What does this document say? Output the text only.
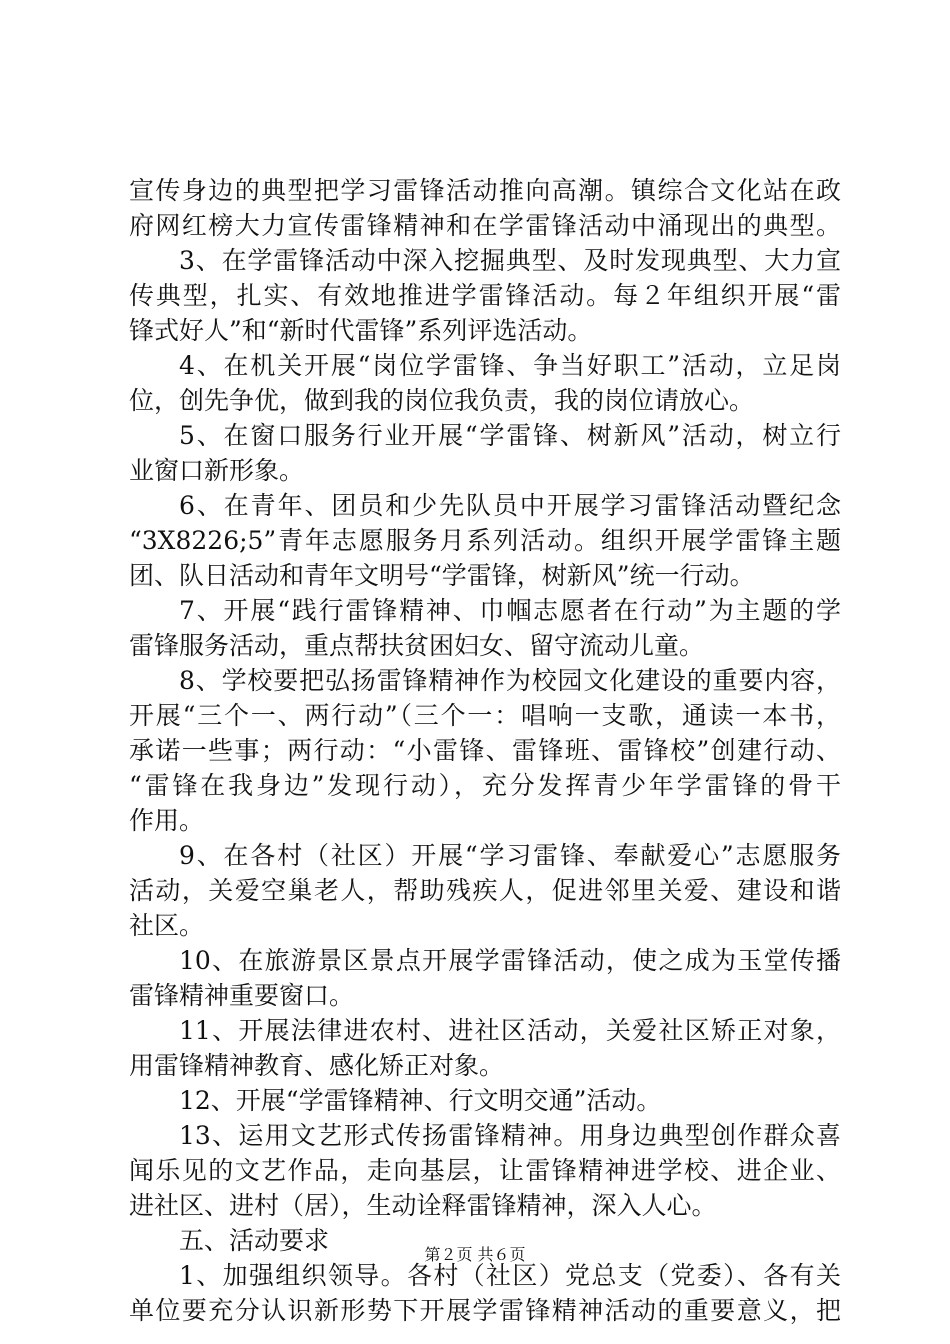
宣传身边的典型把学习雷锋活动推向高潮。镇综合文化站在政
府网红榜大力宣传雷锋精神和在学雷锋活动中涌现出的典型。
3、在学雷锋活动中深入挖掘典型、及时发现典型、大力宣
传典型，扎实、有效地推进学雷锋活动。每２年组织开展“雷
锋式好人”和“新时代雷锋”系列评选活动。
4、在机关开展“岗位学雷锋、争当好职工”活动，立足岗
位，创先争优，做到我的岗位我负责，我的岗位请放心。
5、在窗口服务行业开展“学雷锋、树新风”活动，树立行
业窗口新形象。
6、在青年、团员和少先队员中开展学习雷锋活动暨纪念
“3X8226;5”青年志愿服务月系列活动。组织开展学雷锋主题
团、队日活动和青年文明号“学雷锋，树新风”统一行动。
7、开展“践行雷锋精神、巾帼志愿者在行动”为主题的学
雷锋服务活动，重点帮扶贫困妇女、留守流动儿童。
8、学校要把弘扬雷锋精神作为校园文化建设的重要内容，
开展“三个一、两行动”（三个一：唱响一支歌，通读一本书，
承诺一些事；两行动：“小雷锋、雷锋班、雷锋校”创建行动、
“雷锋在我身边”发现行动），充分发挥青少年学雷锋的骨干
作用。
9、在各村（社区）开展“学习雷锋、奉献爱心”志愿服务
活动，关爱空巢老人，帮助残疾人，促进邻里关爱、建设和谐
社区。
10、在旅游景区景点开展学雷锋活动，使之成为玉堂传播
雷锋精神重要窗口。
11、开展法律进农村、进社区活动，关爱社区矫正对象，
用雷锋精神教育、感化矫正对象。
12、开展“学雷锋精神、行文明交通”活动。
13、运用文艺形式传扬雷锋精神。用身边典型创作群众喜
闻乐见的文艺作品，走向基层，让雷锋精神进学校、进企业、
进社区、进村（居），生动诠释雷锋精神，深入人心。
五、活动要求
1、加强组织领导。各村（社区）党总支（党委）、各有关
单位要充分认识新形势下开展学雷锋精神活动的重要意义，把
第２页 共６页
